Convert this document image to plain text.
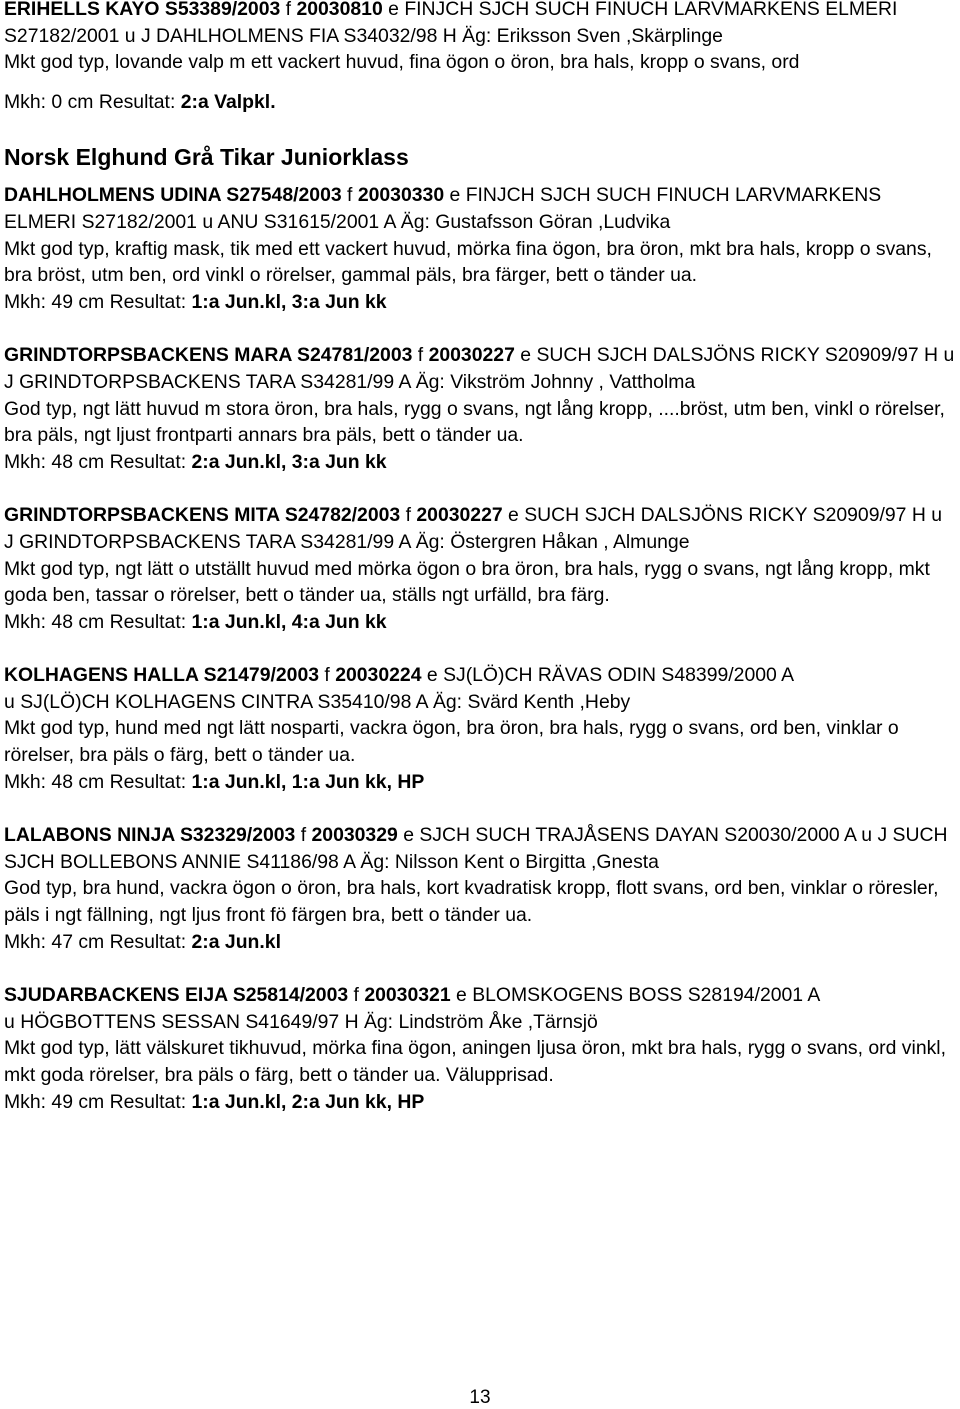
ERIHELLS KAYO S53389/2003 f 20030810 e FINJCH SJCH SUCH FINUCH LARVMARKENS ELMERI S27182/2001 u J DAHLHOLMENS FIA S34032/98 H Äg: Eriksson Sven ,Skärplinge

Mkt god typ, lovande valp m ett vackert huvud, fina ögon o öron, bra hals, kropp o svans, ord

Mkh: 0 cm Resultat: 2:a Valpkl.

Norsk Elghund Grå Tikar Juniorklass

DAHLHOLMENS UDINA S27548/2003 f 20030330 e FINJCH SJCH SUCH FINUCH LARVMARKENS ELMERI S27182/2001 u ANU S31615/2001 A Äg: Gustafsson Göran ,Ludvika

Mkt god typ, kraftig mask, tik med ett vackert huvud, mörka fina ögon, bra öron, mkt bra hals, kropp o svans, bra bröst, utm ben, ord vinkl o rörelser, gammal päls, bra färger, bett o tänder ua.

Mkh: 49 cm Resultat: 1:a Jun.kl, 3:a Jun kk

GRINDTORPSBACKENS MARA S24781/2003 f 20030227 e SUCH SJCH DALSJÖNS RICKY S20909/97 H u J GRINDTORPSBACKENS TARA S34281/99 A Äg: Vikström Johnny , Vattholma

God typ, ngt lätt huvud m stora öron, bra hals, rygg o svans, ngt lång kropp, ....bröst, utm ben, vinkl o rörelser, bra päls, ngt ljust frontparti annars bra päls, bett o tänder ua.

Mkh: 48 cm Resultat: 2:a Jun.kl, 3:a Jun kk

GRINDTORPSBACKENS MITA S24782/2003 f 20030227 e SUCH SJCH DALSJÖNS RICKY S20909/97 H u J GRINDTORPSBACKENS TARA S34281/99 A Äg: Östergren Håkan , Almunge

Mkt god typ, ngt lätt o utställt huvud med mörka ögon o bra öron, bra hals, rygg o svans, ngt lång kropp, mkt goda ben, tassar o rörelser, bett o tänder ua, ställs ngt urfälld, bra färg.

Mkh: 48 cm Resultat: 1:a Jun.kl, 4:a Jun kk

KOLHAGENS HALLA S21479/2003 f 20030224 e SJ(LÖ)CH RÄVAS ODIN S48399/2000 A
u SJ(LÖ)CH KOLHAGENS CINTRA S35410/98 A Äg: Svärd Kenth ,Heby

Mkt god typ, hund med ngt lätt nosparti, vackra ögon, bra öron, bra hals, rygg o svans, ord ben, vinklar o rörelser, bra päls o färg, bett o tänder ua.

Mkh: 48 cm Resultat: 1:a Jun.kl, 1:a Jun kk, HP

LALABONS NINJA S32329/2003 f 20030329 e SJCH SUCH TRAJÅSENS DAYAN S20030/2000 A u J SUCH SJCH BOLLEBONS ANNIE S41186/98 A Äg: Nilsson Kent o Birgitta ,Gnesta

God typ, bra hund, vackra ögon o öron, bra hals, kort kvadratisk kropp, flott svans, ord ben, vinklar o röresler, päls i ngt fällning, ngt ljus front fö färgen bra, bett o tänder ua.

Mkh: 47 cm Resultat: 2:a Jun.kl

SJUDARBACKENS EIJA S25814/2003 f 20030321 e BLOMSKOGENS BOSS S28194/2001 A
u HÖGBOTTENS SESSAN S41649/97 H Äg: Lindström Åke ,Tärnsjö

Mkt god typ, lätt välskuret tikhuvud, mörka fina ögon, aningen ljusa öron, mkt bra hals, rygg o svans, ord vinkl, mkt goda rörelser, bra päls o färg, bett o tänder ua. Välupprisad.

Mkh: 49 cm Resultat: 1:a Jun.kl, 2:a Jun kk, HP

13
